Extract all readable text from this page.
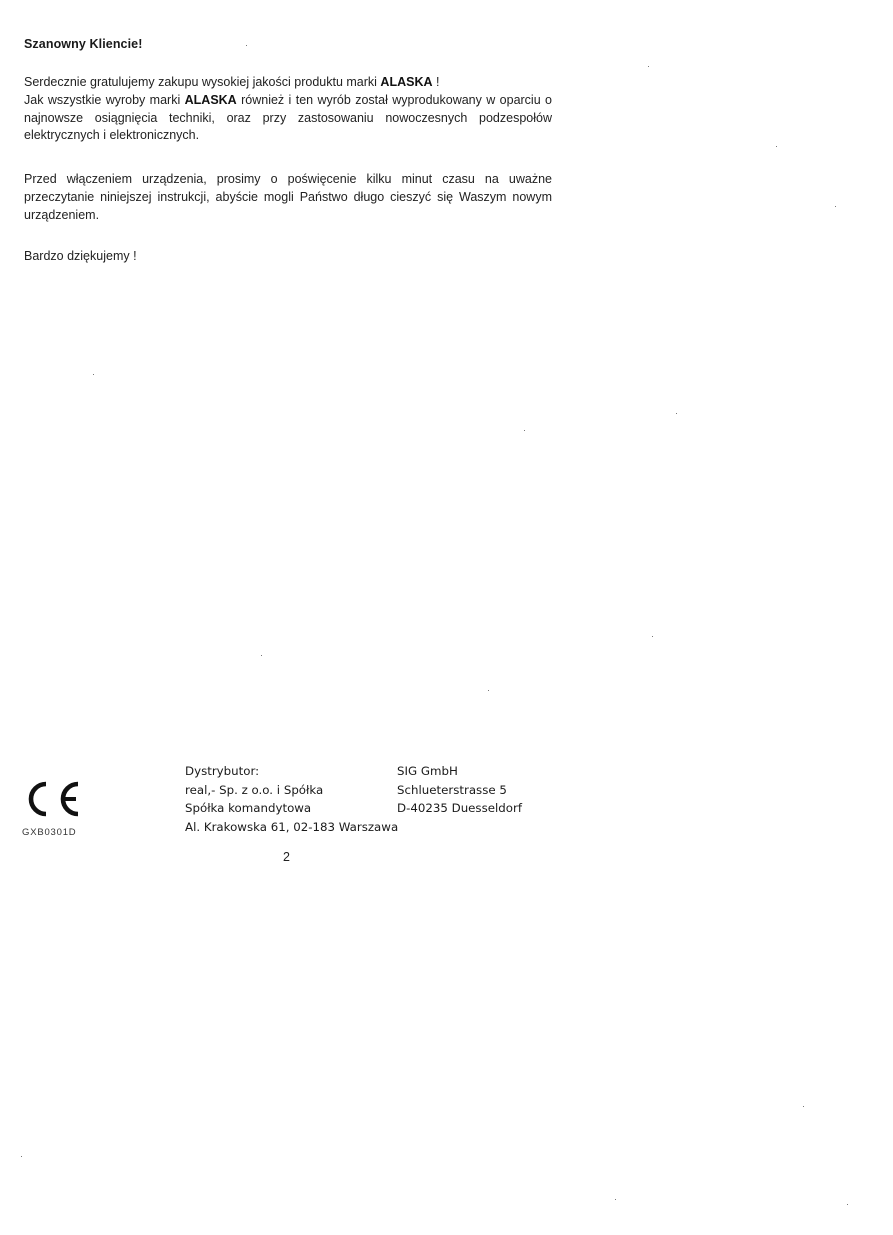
Szanowny Kliencie!
Serdecznie gratulujemy zakupu wysokiej jakości produktu marki ALASKA !
Jak wszystkie wyroby marki ALASKA również i ten wyrób został wyprodukowany w oparciu o najnowsze osiągnięcia techniki, oraz przy zastosowaniu nowoczesnych podzespołów elektrycznych i elektronicznych.
Przed włączeniem urządzenia, prosimy o poświęcenie kilku minut czasu na uważne przeczytanie niniejszej instrukcji, abyście mogli Państwo długo cieszyć się Waszym nowym urządzeniem.
Bardzo dziękujemy !
GXB0301D
Dystrybutor:
real,- Sp. z o.o. i Spółka
Spółka komandytowa
Al. Krakowska 61, 02-183 Warszawa
SIG GmbH
Schlueterstrasse 5
D-40235 Duesseldorf
2
